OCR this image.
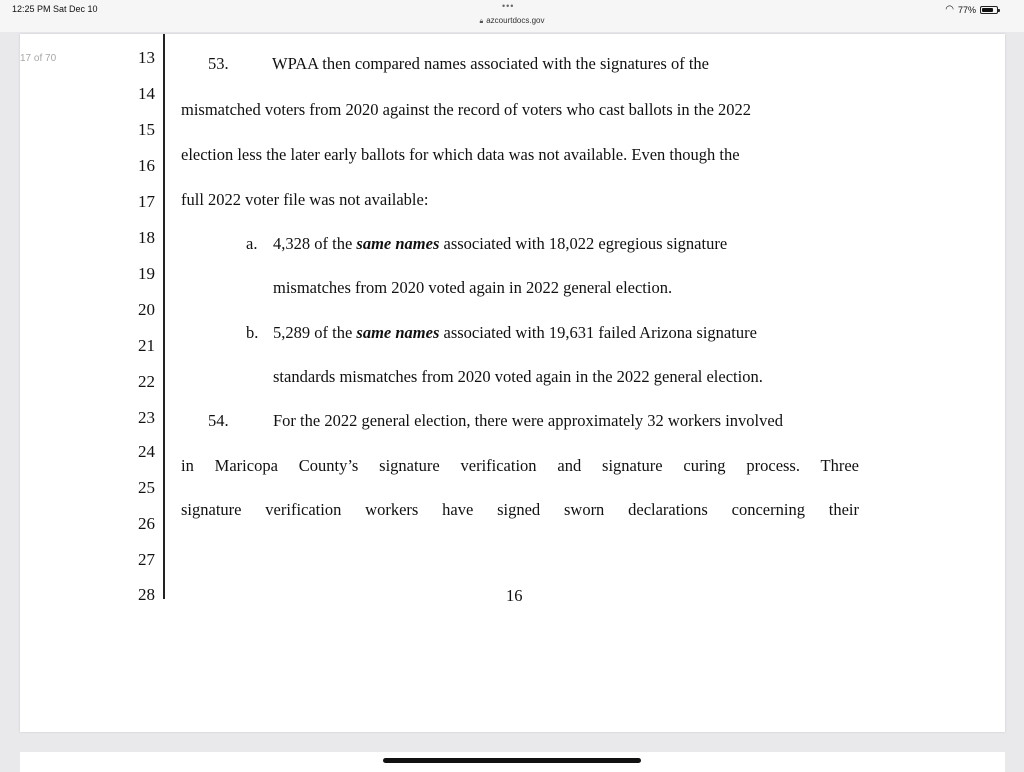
12:25 PM Sat Dec 10	•••
🔒︎ azcourtdocs.gov
◠ 77%
13
14
15
16
17
18
19
20
21
22
23
24
25
26
27
28
53.	WPAA then compared names associated with the signatures of the
mismatched voters from 2020 against the record of voters who cast ballots in the 2022
election less the later early ballots for which data was not available. Even though the
full 2022 voter file was not available:
a. 4,328 of the same names associated with 18,022 egregious signature
mismatches from 2020 voted again in 2022 general election.
b. 5,289 of the same names associated with 19,631 failed Arizona signature
standards mismatches from 2020 voted again in the 2022 general election.
54.	For the 2022 general election, there were approximately 32 workers involved
in Maricopa County’s signature verification and signature curing process. Three
signature verification workers have signed sworn declarations concerning their
16
17 of 70
